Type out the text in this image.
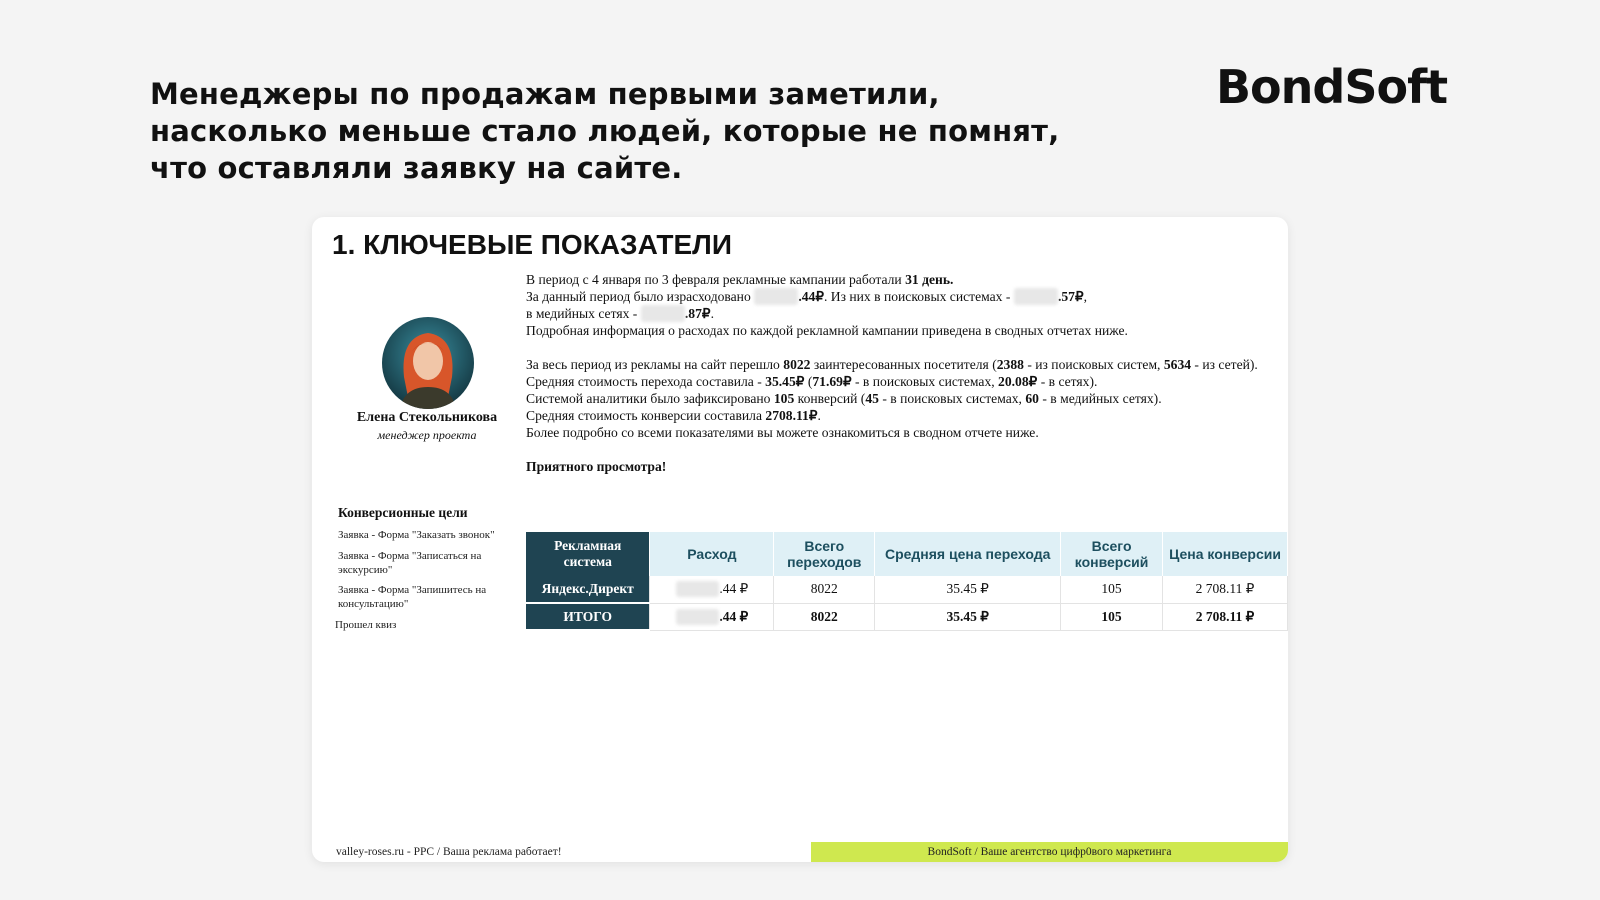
Менеджеры по продажам первыми заметили,
насколько меньше стало людей, которые не помнят,
что оставляли заявку на сайте.
BondSoft
1. КЛЮЧЕВЫЕ ПОКАЗАТЕЛИ
Елена Стекольникова
менеджер проекта

В период с 4 января по 3 февраля рекламные кампании работали 31 день.

За данный период было израсходовано	.44₽. Из них в поисковых системах -	.57₽,

в медийных сетях -	.87₽.

Подробная информация о расходах по каждой рекламной кампании приведена в сводных отчетах ниже.

За весь период из рекламы на сайт перешло 8022 заинтересованных посетителя (2388 - из поисковых систем, 5634 - из сетей).

Средняя стоимость перехода составила - 35.45₽ (71.69₽ - в поисковых системах, 20.08₽ - в сетях).

Системой аналитики было зафиксировано 105 конверсий (45 - в поисковых системах, 60 - в медийных сетях).

Средняя стоимость конверсии составила 2708.11₽.

Более подробно со всеми показателями вы можете ознакомиться в сводном отчете ниже.

Приятного просмотра!

Конверсионные цели
Заявка - Форма "Заказать звонок"
Заявка - Форма "Записаться на экскурсию"
Заявка - Форма "Запишитесь на консультацию"
Прошел квиз
Рекламная система	Расход	Всего переходов	Средняя цена перехода	Всего конверсий	Цена конверсии
Яндекс.Директ	.44 ₽	8022	35.45 ₽	105	2 708.11 ₽
ИТОГО	.44 ₽	8022	35.45 ₽	105	2 708.11 ₽
valley-roses.ru - PPC / Ваша реклама работает!	BondSoft / Ваше агентство цифр0вого маркетинга
